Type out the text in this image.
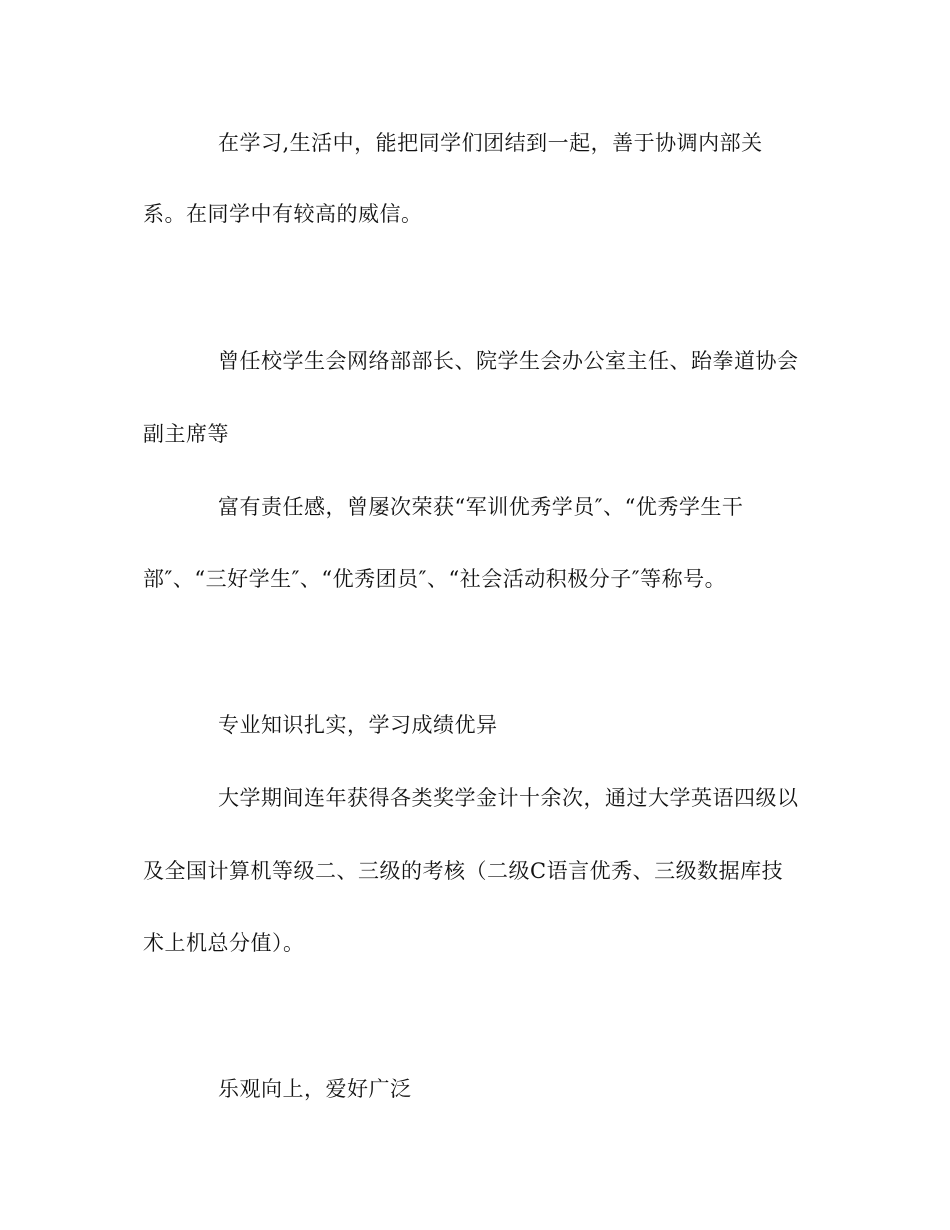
在学习,生活中，能把同学们团结到一起，善于协调内部关
系。在同学中有较高的威信。
曾任校学生会网络部部长、院学生会办公室主任、跆拳道协会
副主席等
富有责任感，曾屡次荣获“军训优秀学员″、“优秀学生干
部″、“三好学生″、“优秀团员″、“社会活动积极分子″等称号。
专业知识扎实，学习成绩优异
大学期间连年获得各类奖学金计十余次，通过大学英语四级以
及全国计算机等级二、三级的考核（二级C语言优秀、三级数据库技
术上机总分值）。
乐观向上，爱好广泛
